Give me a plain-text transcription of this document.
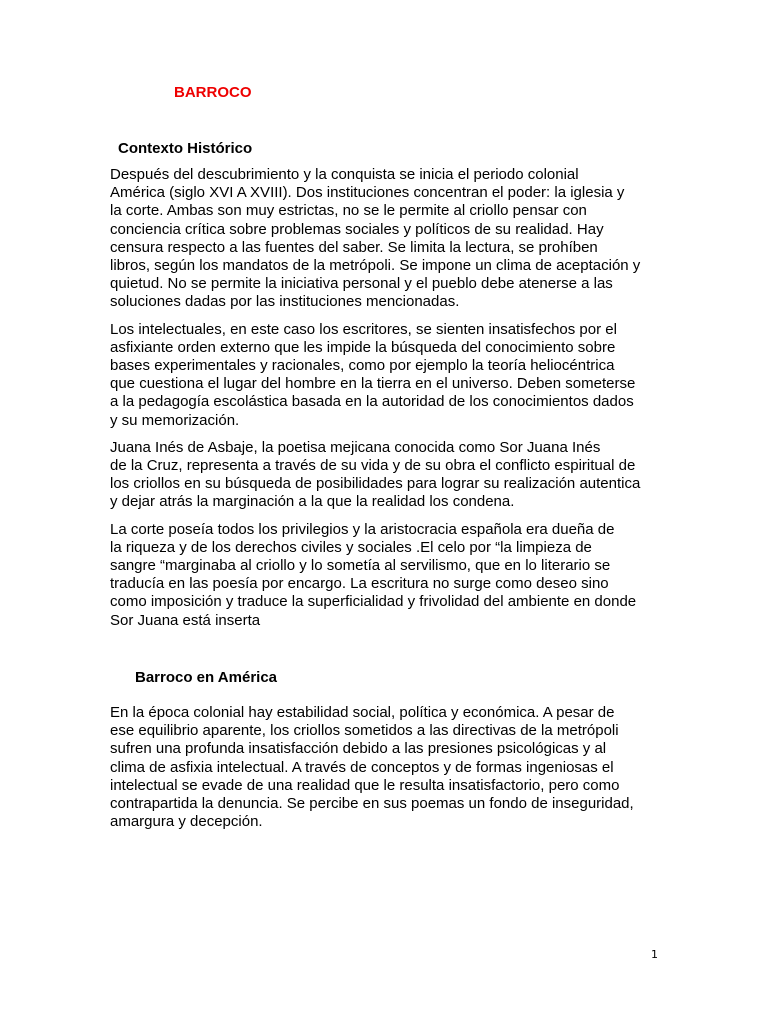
BARROCO
Contexto Histórico

Después del descubrimiento y la conquista se inicia el periodo colonial
América (siglo XVI A XVIII). Dos instituciones concentran el poder: la iglesia y
la corte. Ambas son muy estrictas, no se le permite al criollo pensar con
conciencia crítica sobre problemas sociales y políticos de su realidad. Hay
censura respecto a las fuentes del saber. Se limita la lectura, se prohíben
libros, según los mandatos de la metrópoli. Se impone un clima de aceptación y
quietud. No se permite la iniciativa personal y el pueblo debe atenerse a las
soluciones dadas por las instituciones mencionadas.

Los intelectuales, en este caso los escritores, se sienten insatisfechos por el
asfixiante orden externo que les impide la búsqueda del conocimiento sobre
bases experimentales y racionales, como por ejemplo la teoría heliocéntrica
que cuestiona el lugar del hombre en la tierra en el universo. Deben someterse
a la pedagogía escolástica basada en la autoridad de los conocimientos dados
y su memorización.

Juana Inés de Asbaje, la poetisa mejicana conocida como Sor Juana Inés
de la Cruz, representa a través de su vida y de su obra el conflicto espiritual de
los criollos en su búsqueda de posibilidades para lograr su realización autentica
y dejar atrás la marginación a la que la realidad los condena.

La corte poseía todos los privilegios y la aristocracia española era dueña de
la riqueza y de los derechos civiles y sociales .El celo por “la limpieza de
sangre “marginaba al criollo y lo sometía al servilismo, que en lo literario se
traducía en las poesía por encargo. La escritura no surge como deseo sino
como imposición y traduce la superficialidad y frivolidad del ambiente en donde
Sor Juana está inserta

Barroco en América

En la época colonial hay estabilidad social, política y económica. A pesar de
ese equilibrio aparente, los criollos sometidos a las directivas de la metrópoli
sufren una profunda insatisfacción debido a las presiones psicológicas y al
clima de asfixia intelectual. A través de conceptos y de formas ingeniosas el
intelectual se evade de una realidad que le resulta insatisfactorio, pero como
contrapartida la denuncia. Se percibe en sus poemas un fondo de inseguridad,
amargura y decepción.

1
